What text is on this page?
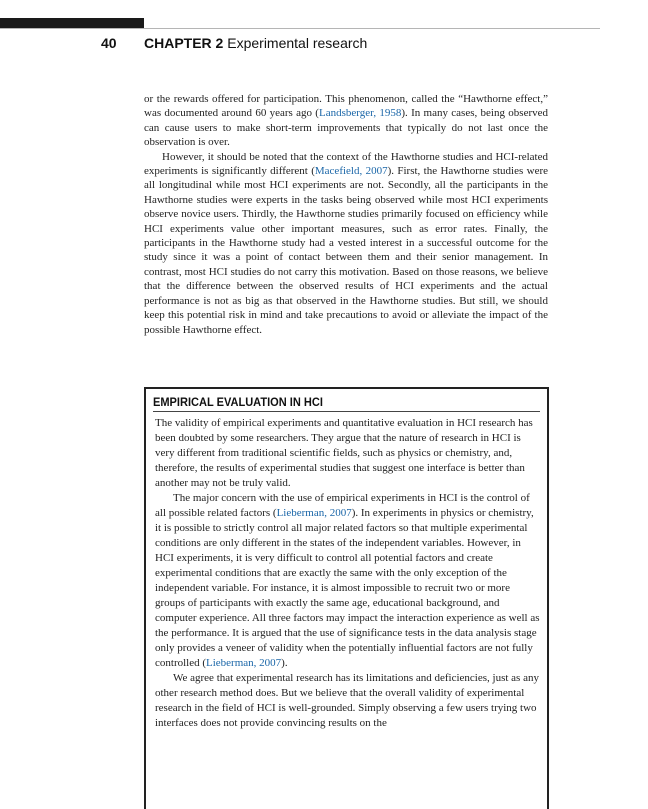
40 CHAPTER 2 Experimental research

or the rewards offered for participation. This phenomenon, called the “Hawthorne effect,” was documented around 60 years ago (Landsberger, 1958). In many cases, being observed can cause users to make short-term improvements that typically do not last once the observation is over.

However, it should be noted that the context of the Hawthorne studies and HCI-related experiments is significantly different (Macefield, 2007). First, the Hawthorne studies were all longitudinal while most HCI experiments are not. Secondly, all the participants in the Hawthorne studies were experts in the tasks being observed while most HCI experiments observe novice users. Thirdly, the Hawthorne studies primarily focused on efficiency while HCI experiments value other important measures, such as error rates. Finally, the participants in the Hawthorne study had a vested interest in a successful outcome for the study since it was a point of contact between them and their senior management. In contrast, most HCI studies do not carry this motivation. Based on those reasons, we believe that the difference between the observed results of HCI experiments and the actual performance is not as big as that observed in the Hawthorne studies. But still, we should keep this potential risk in mind and take precautions to avoid or alleviate the impact of the possible Hawthorne effect.

EMPIRICAL EVALUATION IN HCI

The validity of empirical experiments and quantitative evaluation in HCI research has been doubted by some researchers. They argue that the nature of research in HCI is very different from traditional scientific fields, such as physics or chemistry, and, therefore, the results of experimental studies that suggest one interface is better than another may not be truly valid.

The major concern with the use of empirical experiments in HCI is the control of all possible related factors (Lieberman, 2007). In experiments in physics or chemistry, it is possible to strictly control all major related factors so that multiple experimental conditions are only different in the states of the independent variables. However, in HCI experiments, it is very difficult to control all potential factors and create experimental conditions that are exactly the same with the only exception of the independent variable. For instance, it is almost impossible to recruit two or more groups of participants with exactly the same age, educational background, and computer experience. All three factors may impact the interaction experience as well as the performance. It is argued that the use of significance tests in the data analysis stage only provides a veneer of validity when the potentially influential factors are not fully controlled (Lieberman, 2007).

We agree that experimental research has its limitations and deficiencies, just as any other research method does. But we believe that the overall validity of experimental research in the field of HCI is well-grounded. Simply observing a few users trying two interfaces does not provide convincing results on the
